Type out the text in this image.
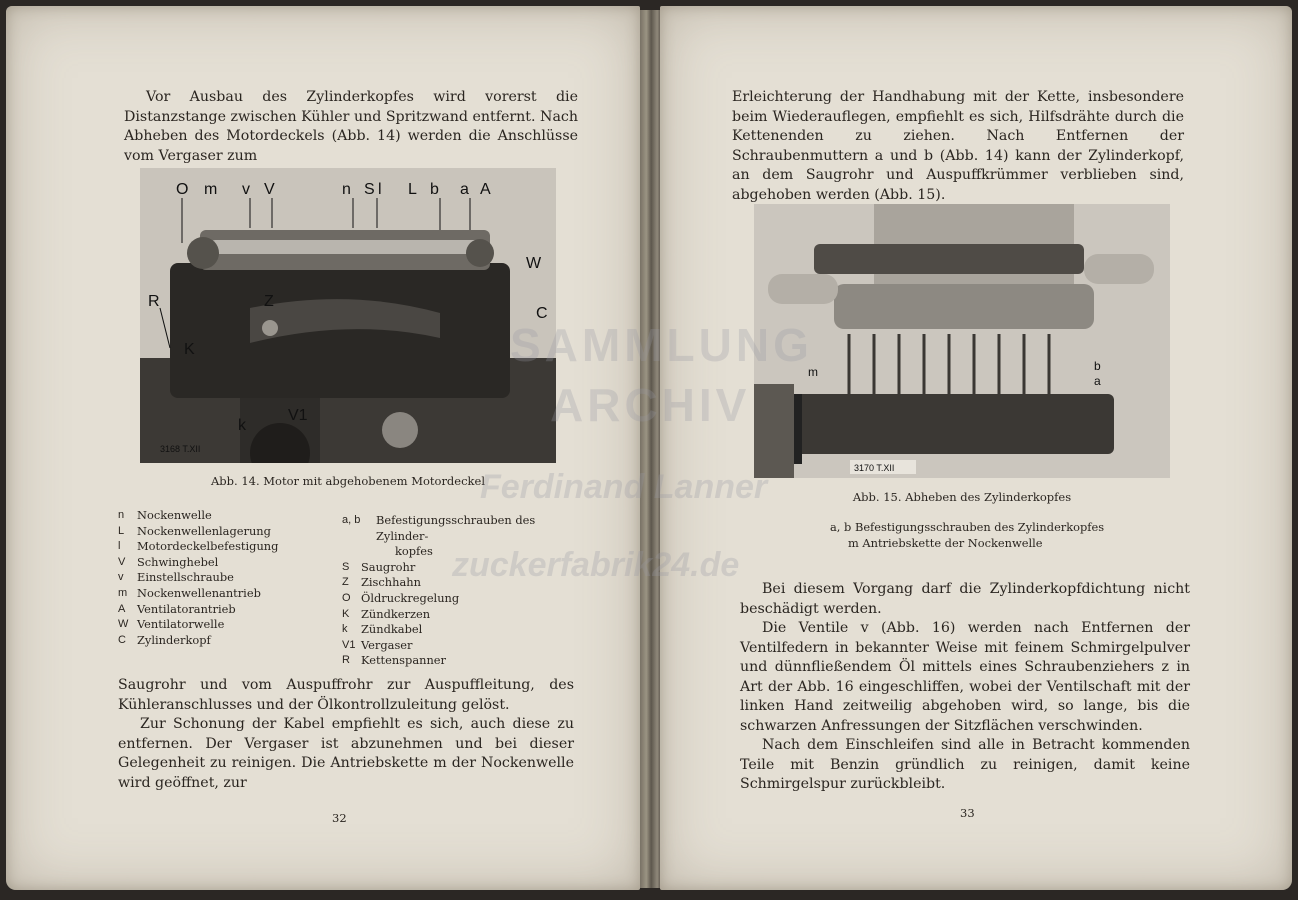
Vor Ausbau des Zylinderkopfes wird vorerst die Distanzstange zwischen Kühler und Spritzwand entfernt. Nach Abheben des Motordeckels (Abb. 14) werden die Anschlüsse vom Vergaser zum

O m v V	n S l L b a A
W
C
R	Z
K
k
V1
3168 T.XII
Abb. 14. Motor mit abgehobenem Motordeckel
n	Nockenwelle
L	Nockenwellenlagerung
l	Motordeckelbefestigung
V	Schwinghebel
v	Einstellschraube
m Nockenwellenantrieb
A	Ventilatorantrieb
W Ventilatorwelle
C Zylinderkopf
a, b	Befestigungsschrauben des Zylinder-
kopfes
S	Saugrohr
Z	Zischhahn
O Öldruckregelung
K	Zündkerzen
k	Zündkabel
V1 Vergaser
R Kettenspanner

Saugrohr und vom Auspuffrohr zur Auspuffleitung, des Kühleranschlusses und der Ölkontrollzuleitung gelöst.

Zur Schonung der Kabel empfiehlt es sich, auch diese zu entfernen. Der Vergaser ist abzunehmen und bei dieser Gelegenheit zu reinigen. Die Antriebskette m der Nockenwelle wird geöffnet, zur

32

Erleichterung der Handhabung mit der Kette, insbesondere beim Wiederauflegen, empfiehlt es sich, Hilfsdrähte durch die Kettenenden zu ziehen. Nach Entfernen der Schraubenmuttern a und b (Abb. 14) kann der Zylinderkopf, an dem Saugrohr und Auspuffkrümmer verblieben sind, abgehoben werden (Abb. 15).

m	b
a
3170 T.XII
Abb. 15. Abheben des Zylinderkopfes
a, b Befestigungsschrauben des Zylinderkopfes
m Antriebskette der Nockenwelle

Bei diesem Vorgang darf die Zylinderkopfdichtung nicht beschädigt werden.

Die Ventile v (Abb. 16) werden nach Entfernen der Ventilfedern in bekannter Weise mit feinem Schmirgelpulver und dünnfließendem Öl mittels eines Schraubenziehers z in Art der Abb. 16 eingeschliffen, wobei der Ventilschaft mit der linken Hand zeitweilig abgehoben wird, so lange, bis die schwarzen Anfressungen der Sitzflächen verschwinden.

Nach dem Einschleifen sind alle in Betracht kommenden Teile mit Benzin gründlich zu reinigen, damit keine Schmirgelspur zurückbleibt.

33
SAMMLUNG
ARCHIV
Ferdinand Lanner
zuckerfabrik24.de
